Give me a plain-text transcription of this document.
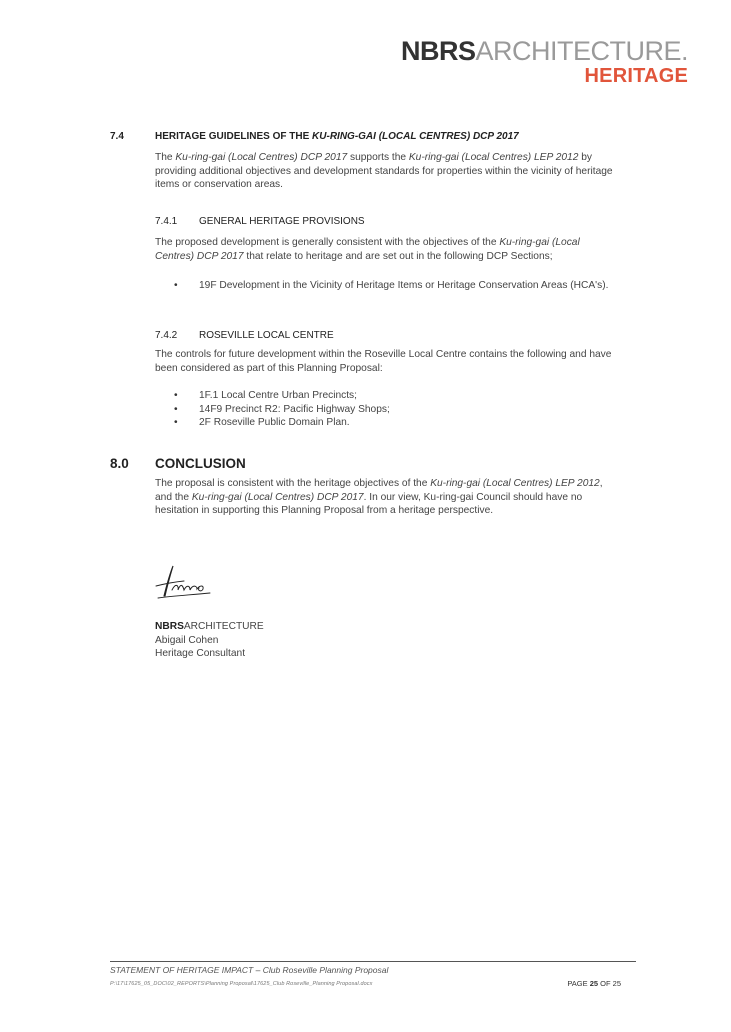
NBRSARCHITECTURE.
HERITAGE
7.4	HERITAGE GUIDELINES OF THE KU-RING-GAI (LOCAL CENTRES) DCP 2017
The Ku-ring-gai (Local Centres) DCP 2017 supports the Ku-ring-gai (Local Centres) LEP 2012 by providing additional objectives and development standards for properties within the vicinity of heritage items or conservation areas.
7.4.1 GENERAL HERITAGE PROVISIONS
The proposed development is generally consistent with the objectives of the Ku-ring-gai (Local Centres) DCP 2017 that relate to heritage and are set out in the following DCP Sections;
• 19F Development in the Vicinity of Heritage Items or Heritage Conservation Areas (HCA's).
7.4.2 ROSEVILLE LOCAL CENTRE
The controls for future development within the Roseville Local Centre contains the following and have been considered as part of this Planning Proposal:
• 1F.1 Local Centre Urban Precincts;
• 14F9 Precinct R2: Pacific Highway Shops;
• 2F Roseville Public Domain Plan.
8.0 CONCLUSION
The proposal is consistent with the heritage objectives of the Ku-ring-gai (Local Centres) LEP 2012, and the Ku-ring-gai (Local Centres) DCP 2017. In our view, Ku-ring-gai Council should have no hesitation in supporting this Planning Proposal from a heritage perspective.
NBRSARCHITECTURE
Abigail Cohen
Heritage Consultant
STATEMENT OF HERITAGE IMPACT – Club Roseville Planning Proposal
P:\17\17625_05_DOC\02_REPORTS\Planning Proposal\17625_Club Roseville_Planning Proposal.docx	PAGE 25 OF 25
